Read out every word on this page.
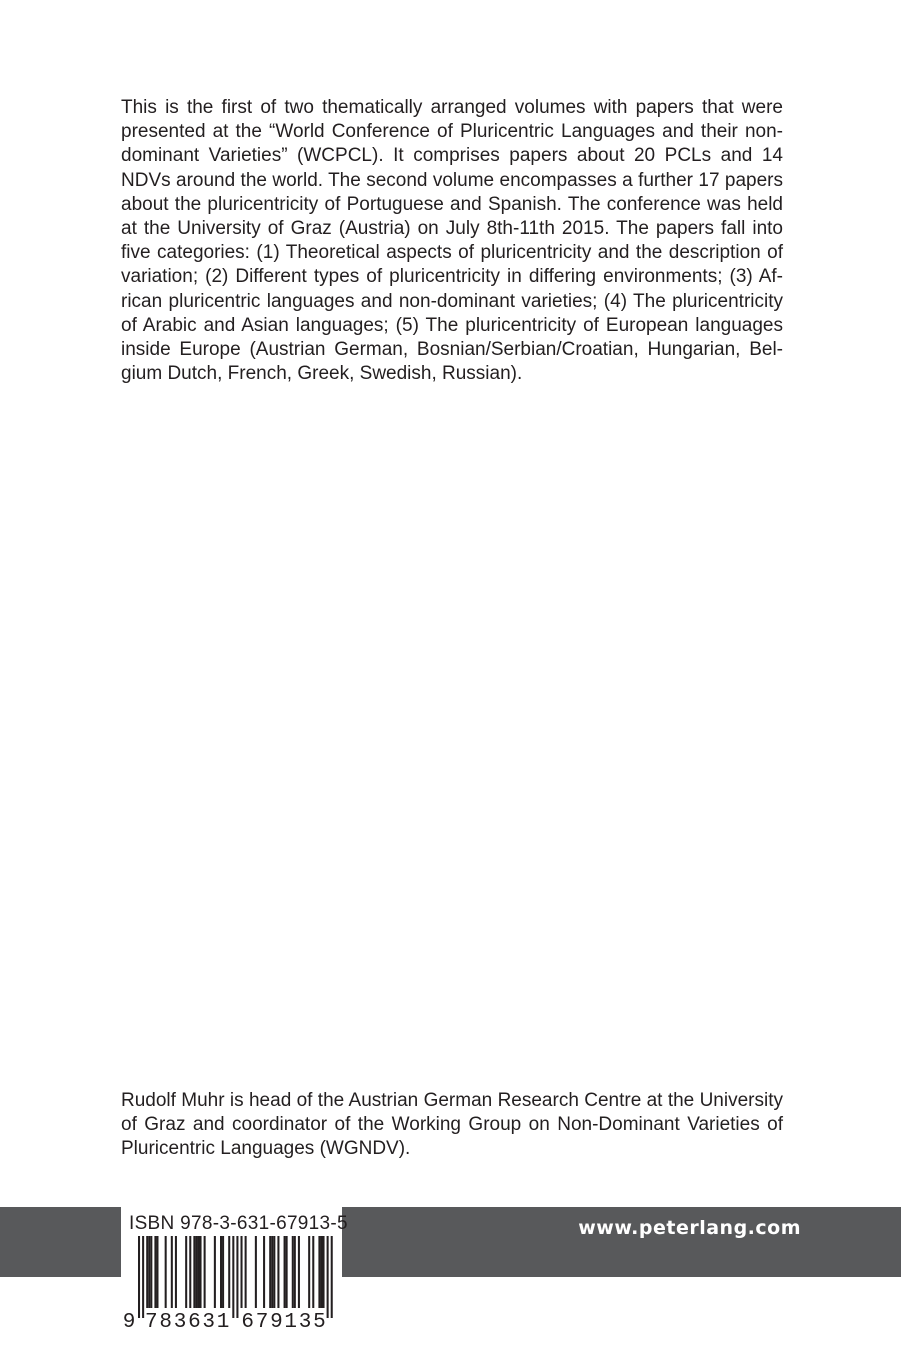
This is the first of two thematically arranged volumes with papers that were presented at the “World Conference of Pluricentric Languages and their non-dominant Varieties” (WCPCL). It comprises papers about 20 PCLs and 14 NDVs around the world. The second volume encompasses a further 17 papers about the pluricentricity of Portuguese and Spanish. The conference was held at the University of Graz (Austria) on July 8th-11th 2015. The papers fall into five categories: (1) Theoretical aspects of pluricentricity and the description of variation; (2) Different types of pluricentricity in differing environments; (3) African pluricentric languages and non-dominant varieties; (4) The pluricentricity of Arabic and Asian languages; (5) The pluricentricity of European languages inside Europe (Austrian German, Bosnian/Serbian/Croatian, Hungarian, Belgium Dutch, French, Greek, Swedish, Russian).

Rudolf Muhr is head of the Austrian German Research Centre at the University of Graz and coordinator of the Working Group on Non-Dominant Varieties of Pluricentric Languages (WGNDV).

www.peterlang.com
ISBN 978-3-631-67913-5
9 7 8 3 6 3 1 6 7 9 1 3 5
